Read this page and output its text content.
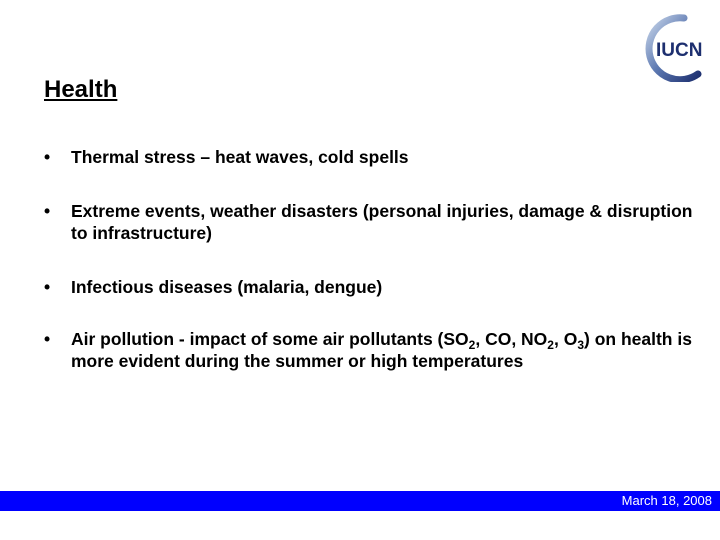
IUCN
Health
• Thermal stress – heat waves, cold spells
• Extreme events, weather disasters (personal injuries, damage & disruption to infrastructure)
• Infectious diseases (malaria, dengue)
• Air pollution - impact of some air pollutants ($SO_2$, CO, $NO_2$, $O_3$) on health is more evident during the summer or high temperatures
March 18, 2008
